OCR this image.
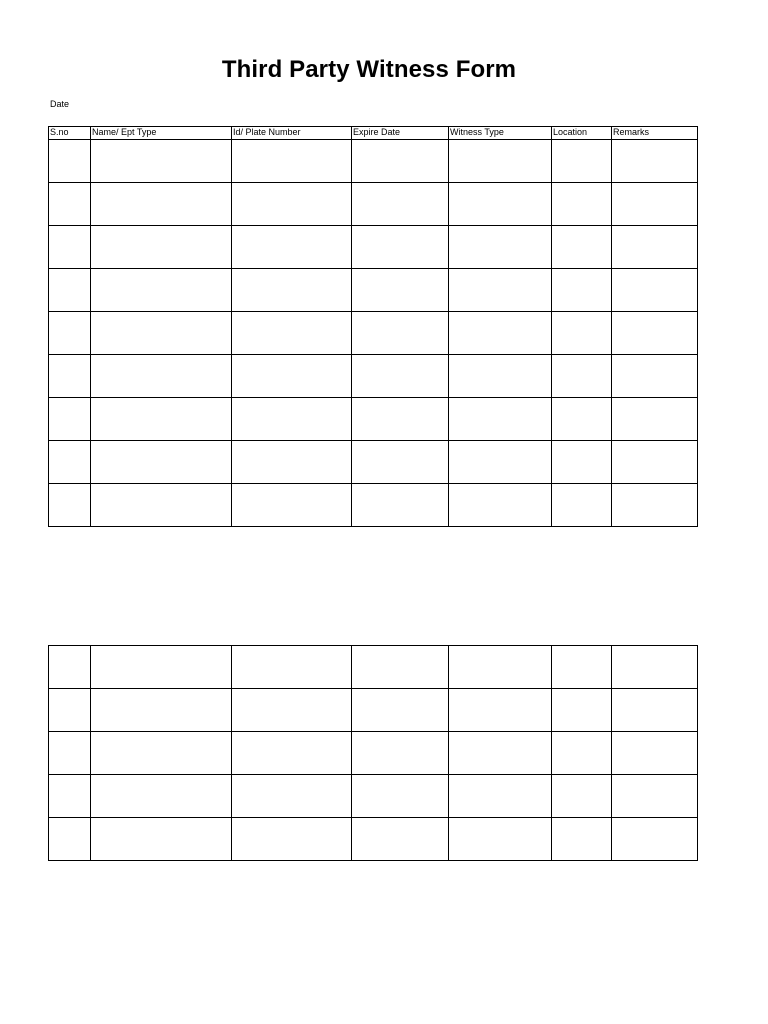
Third Party Witness Form
Date
S.no	Name/ Ept Type	Id/ Plate Number	Expire Date	Witness Type	Location	Remarks
